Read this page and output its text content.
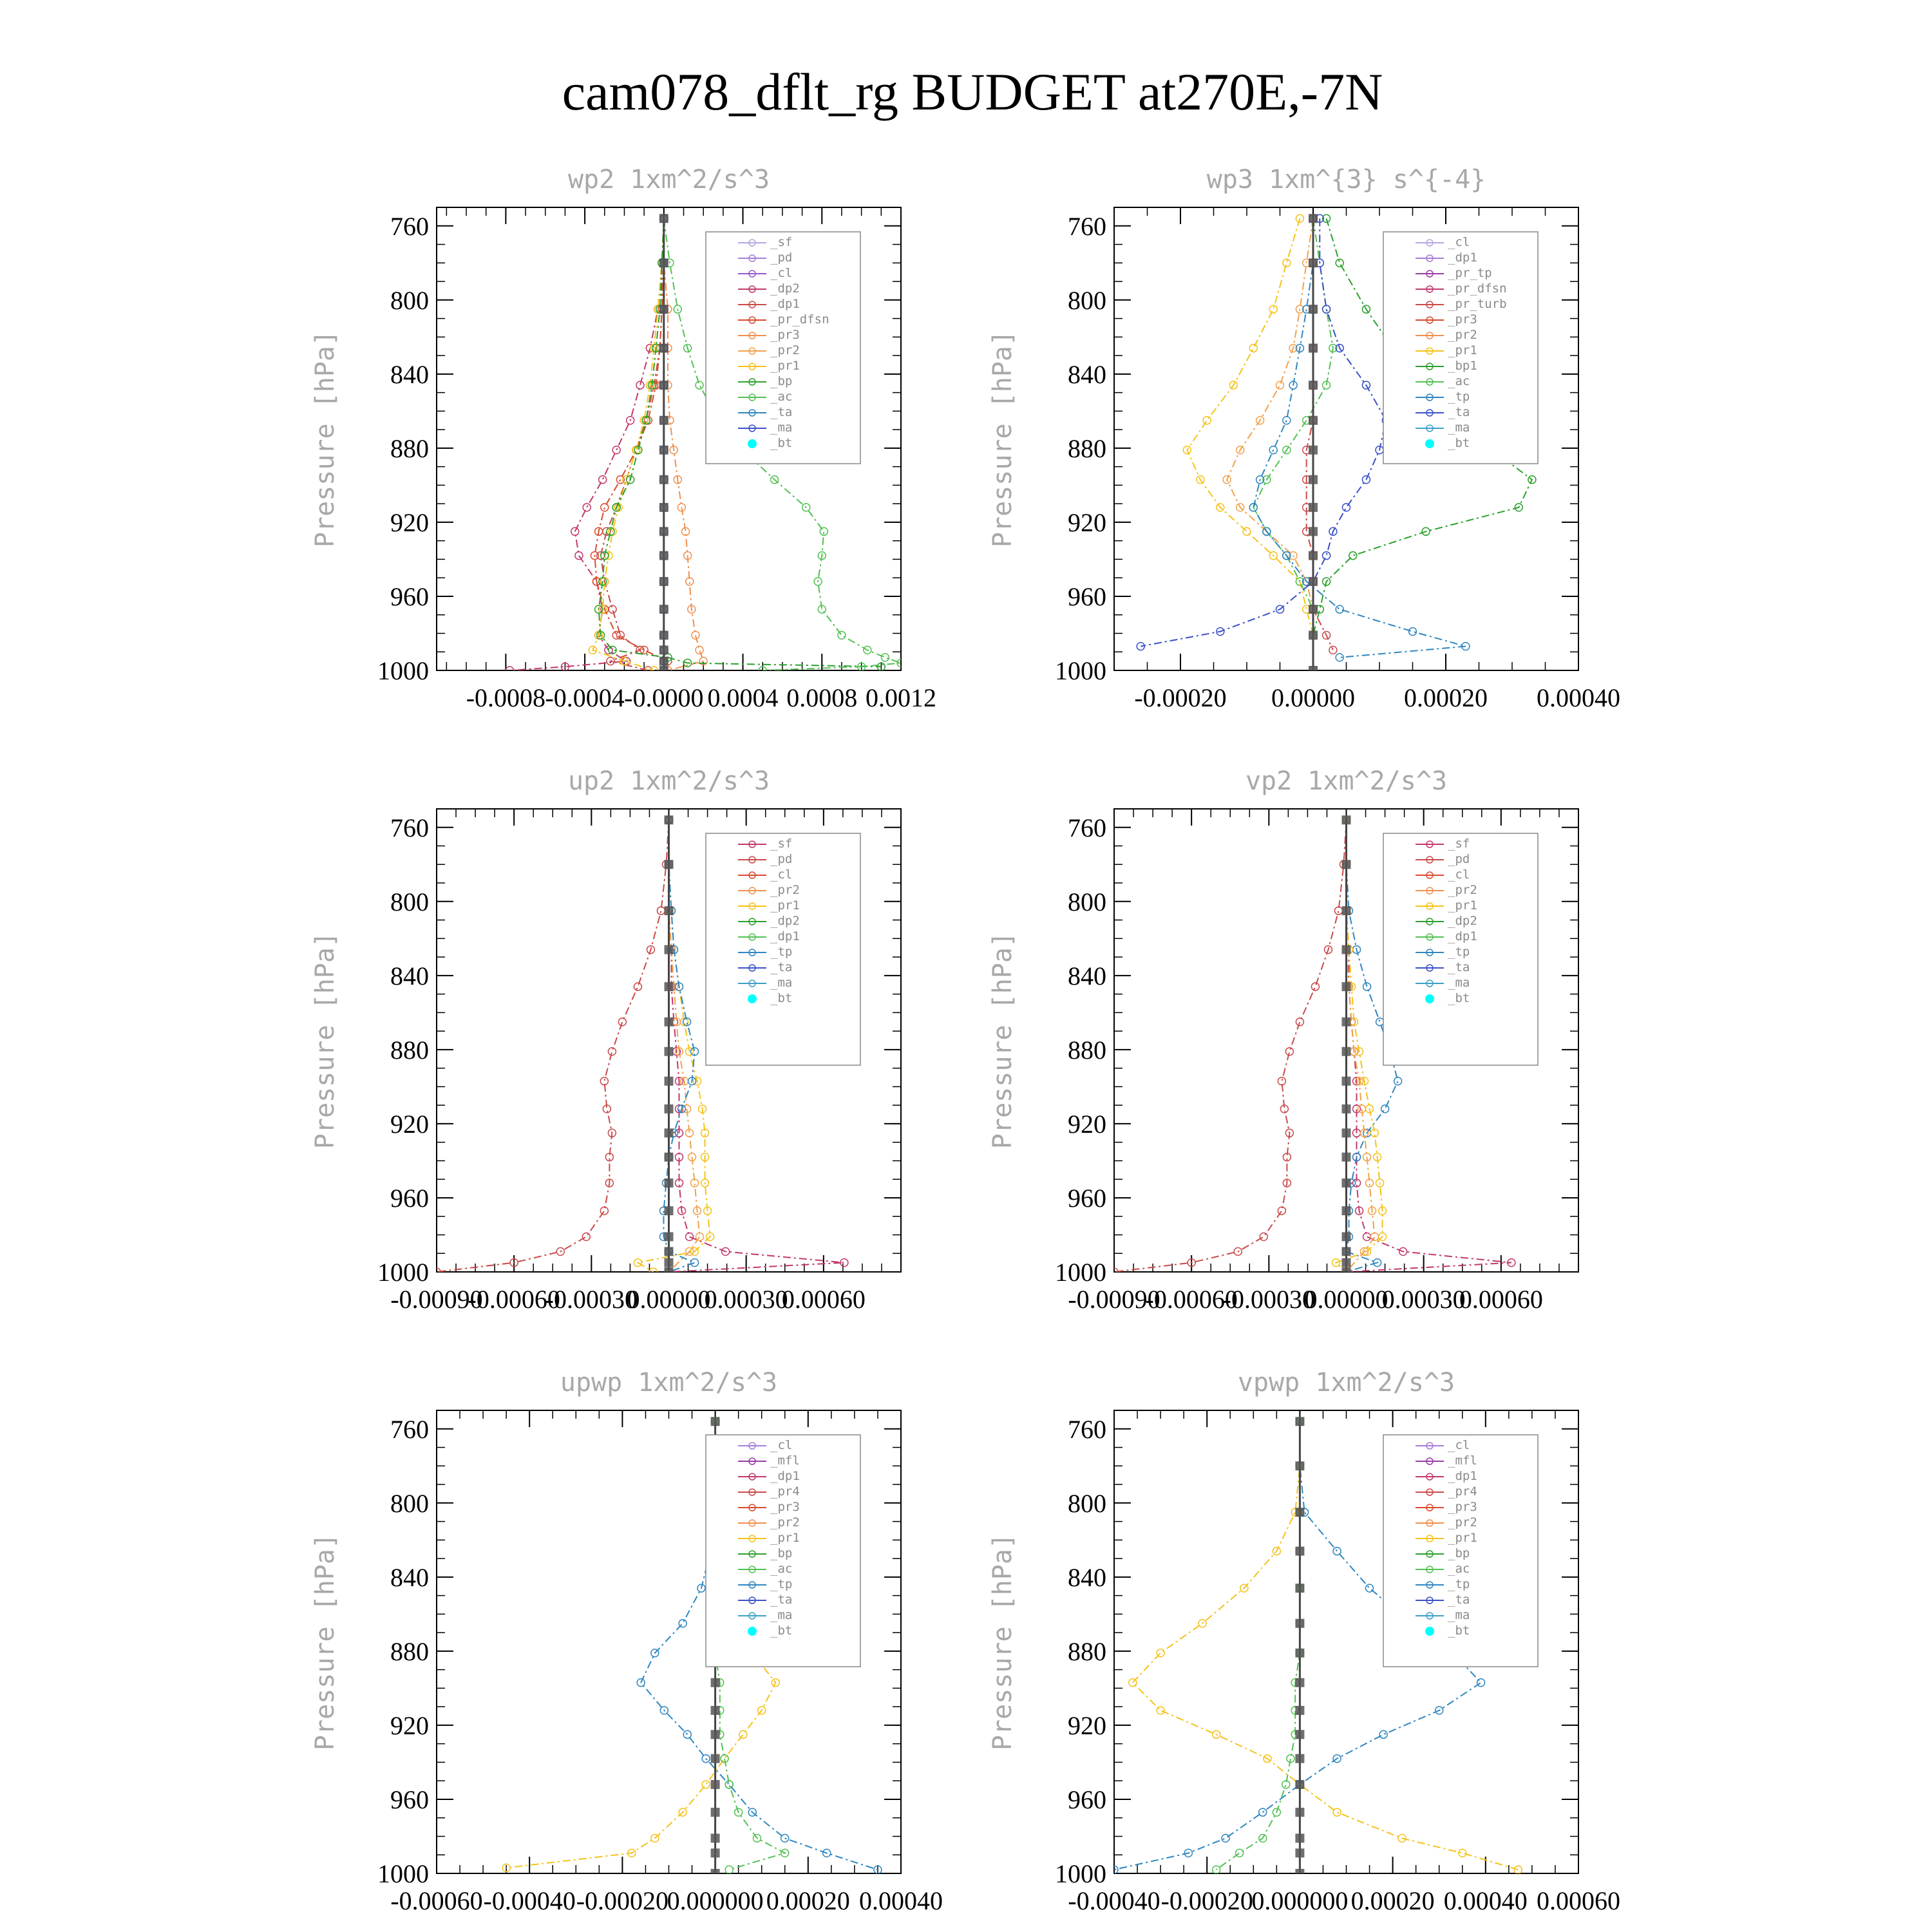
cam078_dflt_rg BUDGET at270E,-7N
wp2 1xm^2/s^3
Pressure [hPa]
760
800
840
880
920
960
1000
-0.0008 -0.0004 -0.0000 0.0004 0.0008 0.0012
_sf
_pd
_cl
_dp2
_dp1
_pr_dfsn
_pr3
_pr2
_pr1
_bp
_ac
_ta
_ma
_bt
wp3 1xm^{3} s^{-4}
Pressure [hPa]
760
800
840
880
920
960
1000
-0.00020 0.00000 0.00020 0.00040
_cl
_dp1
_pr_tp
_pr_dfsn
_pr_turb
_pr3
_pr2
_pr1
_bp1
_ac
_tp
_ta
_ma
_bt
up2 1xm^2/s^3
Pressure [hPa]
760
800
840
880
920
960
1000
-0.00090
-0.00060
-0.00030
0.00000
0.00030
0.00060
_sf
_pd
_cl
_pr2
_pr1
_dp2
_dp1
_tp
_ta
_ma
_bt
vp2 1xm^2/s^3
Pressure [hPa]
760
800
840
880
920
960
1000
-0.00090
-0.00060
-0.00030
0.00000
0.00030
0.00060
_sf
_pd
_cl
_pr2
_pr1
_dp2
_dp1
_tp
_ta
_ma
_bt
upwp 1xm^2/s^3
Pressure [hPa]
760
800
840
880
920
960
1000
-0.00060 -0.00040 -0.00020
0.000000 0.00020 0.00040
_cl
_mfl
_dp1
_pr4
_pr3
_pr2
_pr1
_bp
_ac
_tp
_ta
_ma
_bt
vpwp 1xm^2/s^3
Pressure [hPa]
760
800
840
880
920
960
1000
-0.00040 -0.00020
0.000000 0.00020 0.00040 0.00060
_cl
_mfl
_dp1
_pr4
_pr3
_pr2
_pr1
_bp
_ac
_tp
_ta
_ma
_bt
